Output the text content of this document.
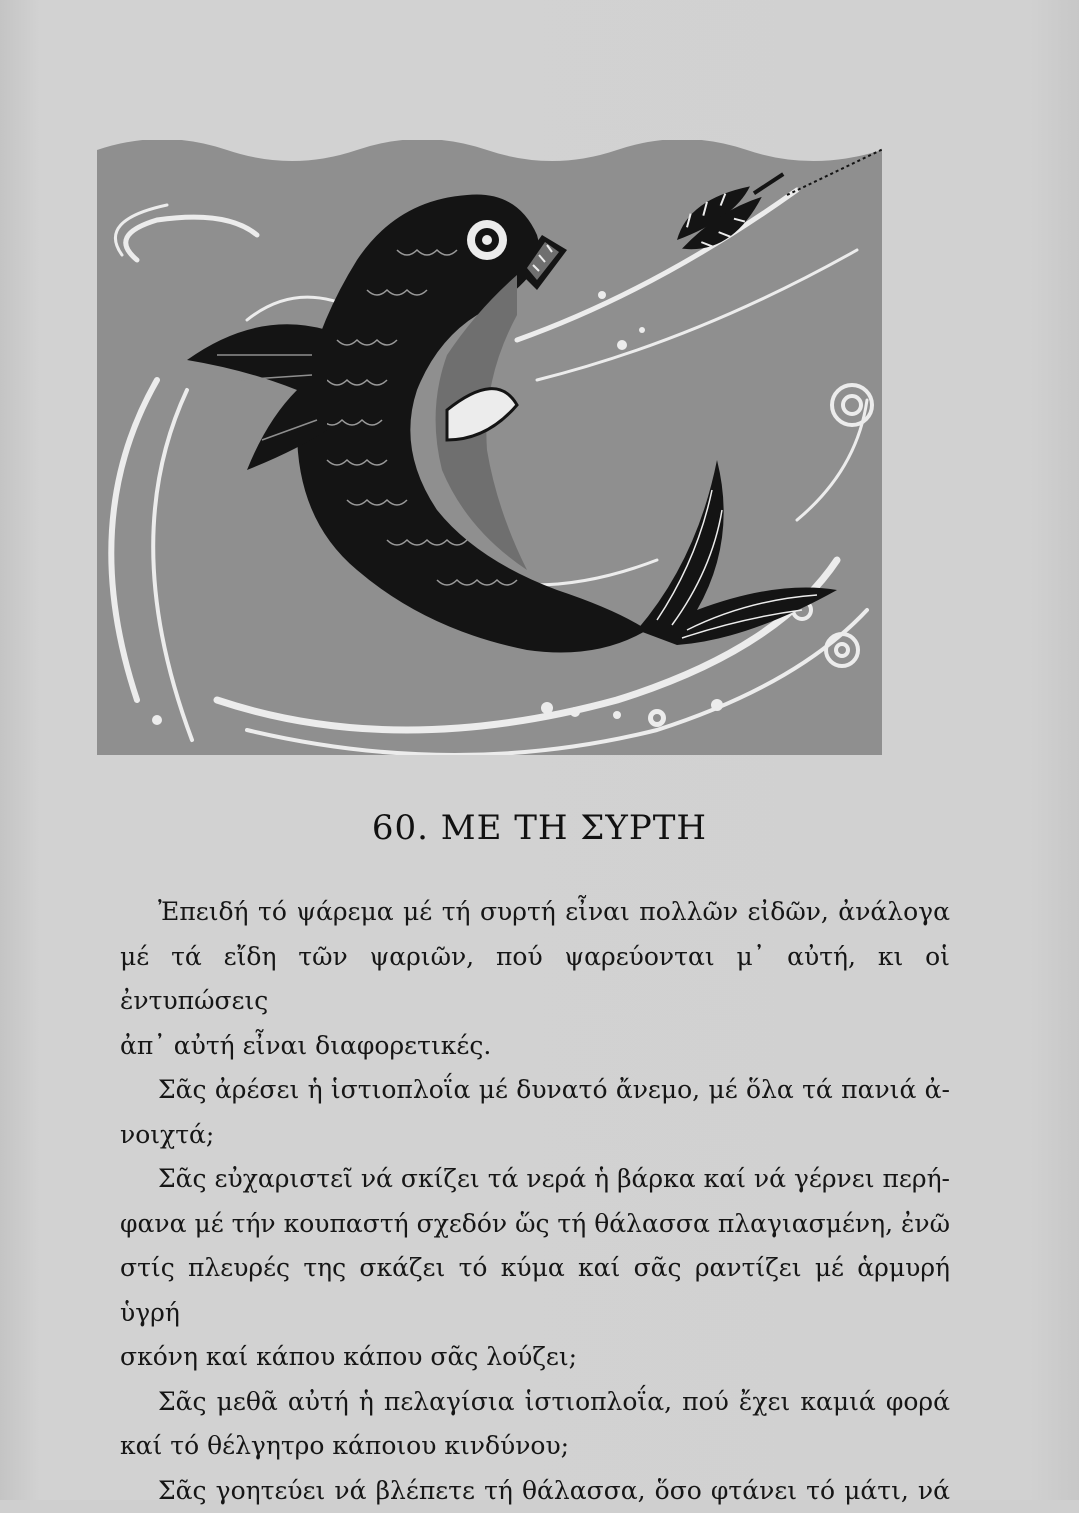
60. ΜΕ ΤΗ ΣΥΡΤΗ
Ἐπειδή τό ψάρεμα μέ τή συρτή εἶναι πολλῶν εἰδῶν, ἀνάλογα
μέ τά εἴδη τῶν ψαριῶν, πού ψαρεύονται μ᾽ αὐτή, κι οἱ ἐντυπώσεις
ἀπ᾽ αὐτή εἶναι διαφορετικές.
Σᾶς ἀρέσει ἡ ἱστιοπλοΐα μέ δυνατό ἄνεμο, μέ ὅλα τά πανιά ἀ-
νοιχτά;
Σᾶς εὐχαριστεῖ νά σκίζει τά νερά ἡ βάρκα καί νά γέρνει περή-
φανα μέ τήν κουπαστή σχεδόν ὥς τή θάλασσα πλαγιασμένη, ἐνῶ
στίς πλευρές της σκάζει τό κύμα καί σᾶς ραντίζει μέ ἁρμυρή ὑγρή
σκόνη καί κάπου κάπου σᾶς λούζει;
Σᾶς μεθᾶ αὐτή ἡ πελαγίσια ἱστιοπλοΐα, πού ἔχει καμιά φορά
καί τό θέλγητρο κάποιου κινδύνου;
Σᾶς γοητεύει νά βλέπετε τή θάλασσα, ὅσο φτάνει τό μάτι, νά
